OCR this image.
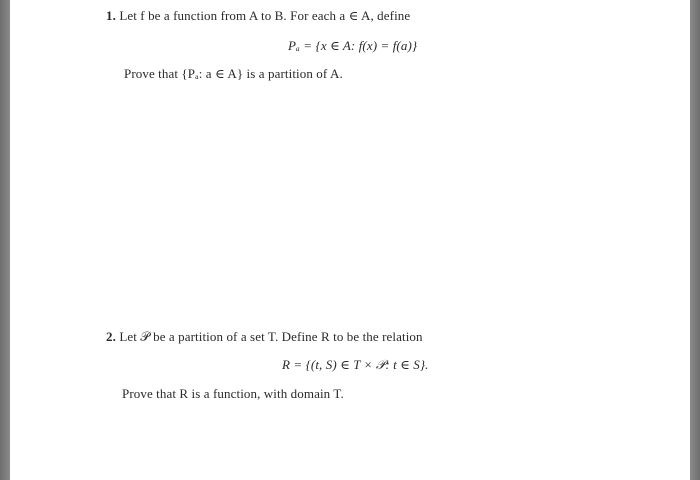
1. Let f be a function from A to B. For each a ∈ A, define
Pₐ = {x ∈ A: f(x) = f(a)}
Prove that {Pₐ: a ∈ A} is a partition of A.
2. Let 𝒫 be a partition of a set T. Define R to be the relation
R = {(t, S) ∈ T × 𝒫: t ∈ S}.
Prove that R is a function, with domain T.
